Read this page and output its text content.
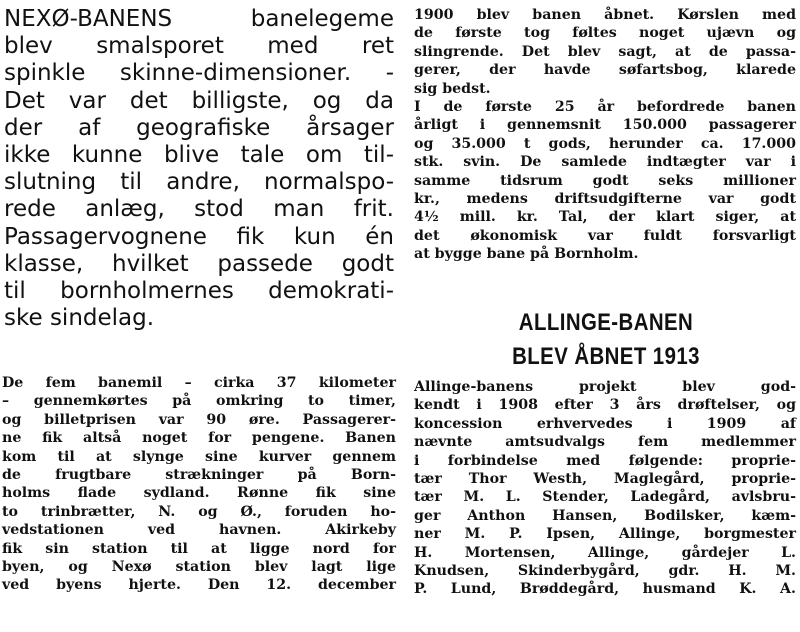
NEXØ-BANENS banelegeme
blev smalsporet med ret
spinkle skinne-dimensioner. -
Det var det billigste, og da
der af geografiske årsager
ikke kunne blive tale om til-
slutning til andre, normalspo-
rede anlæg, stod man frit.
Passagervognene fik kun én
klasse, hvilket passede godt
til bornholmernes demokrati-
ske sindelag.
De fem banemil – cirka 37 kilometer
– gennemkørtes på omkring to timer,
og billetprisen var 90 øre. Passagerer-
ne fik altså noget for pengene. Banen
kom til at slynge sine kurver gennem
de frugtbare strækninger på Born-
holms flade sydland. Rønne fik sine
to trinbrætter, N. og Ø., foruden ho-
vedstationen ved havnen. Akirkeby
fik sin station til at ligge nord for
byen, og Nexø station blev lagt lige
ved byens hjerte. Den 12. december
1900 blev banen åbnet. Kørslen med
de første tog føltes noget ujævn og
slingrende. Det blev sagt, at de passa-
gerer, der havde søfartsbog, klarede
sig bedst.
I de første 25 år befordrede banen
årligt i gennemsnit 150.000 passagerer
og 35.000 t gods, herunder ca. 17.000
stk. svin. De samlede indtægter var i
samme tidsrum godt seks millioner
kr., medens driftsudgifterne var godt
4½ mill. kr. Tal, der klart siger, at
det økonomisk var fuldt forsvarligt
at bygge bane på Bornholm.
ALLINGE-BANEN
BLEV ÅBNET 1913
Allinge-banens projekt blev god-
kendt i 1908 efter 3 års drøftelser, og
koncession erhvervedes i 1909 af
nævnte amtsudvalgs fem medlemmer
i forbindelse med følgende: proprie-
tær Thor Westh, Maglegård, proprie-
tær M. L. Stender, Ladegård, avlsbru-
ger Anthon Hansen, Bodilsker, kæm-
ner M. P. Ipsen, Allinge, borgmester
H. Mortensen, Allinge, gårdejer L.
Knudsen, Skinderbygård, gdr. H. M.
P. Lund, Brøddegård, husmand K. A.
